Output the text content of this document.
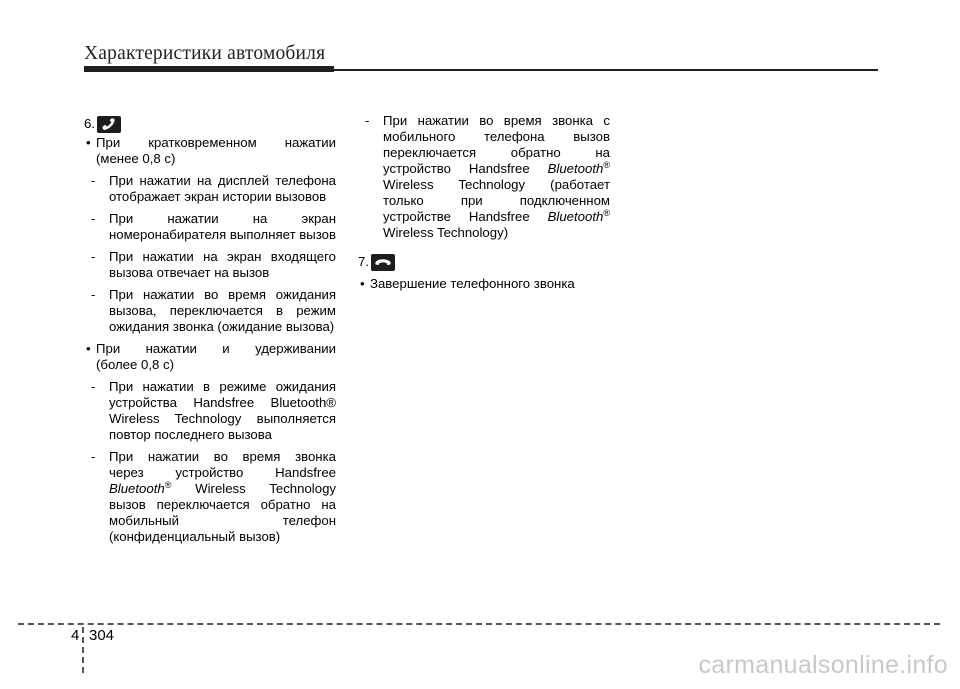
Характеристики автомобиля
6.
• При кратковременном нажатии
(менее 0,8 с)
- При нажатии на дисплей телефона
отображает экран истории вызовов
- При нажатии на экран
номеронабирателя выполняет вызов
- При нажатии на экран входящего
вызова отвечает на вызов
- При нажатии во время ожидания
вызова, переключается в режим
ожидания звонка (ожидание вызова)
• При нажатии и удерживании
(более 0,8 с)
- При нажатии в режиме ожидания
устройства Handsfree Bluetooth®
Wireless Technology выполняется
повтор последнего вызова
- При нажатии во время звонка
через устройство Handsfree
Bluetooth® Wireless Technology
вызов переключается обратно на
мобильный телефон
(конфиденциальный вызов)
- При нажатии во время звонка с
мобильного телефона вызов
переключается обратно на
устройство Handsfree Bluetooth®
Wireless Technology (работает
только при подключенном
устройстве Handsfree Bluetooth®
Wireless Technology)
7.
• Завершение телефонного звонка
4 304
carmanualsonline.info
